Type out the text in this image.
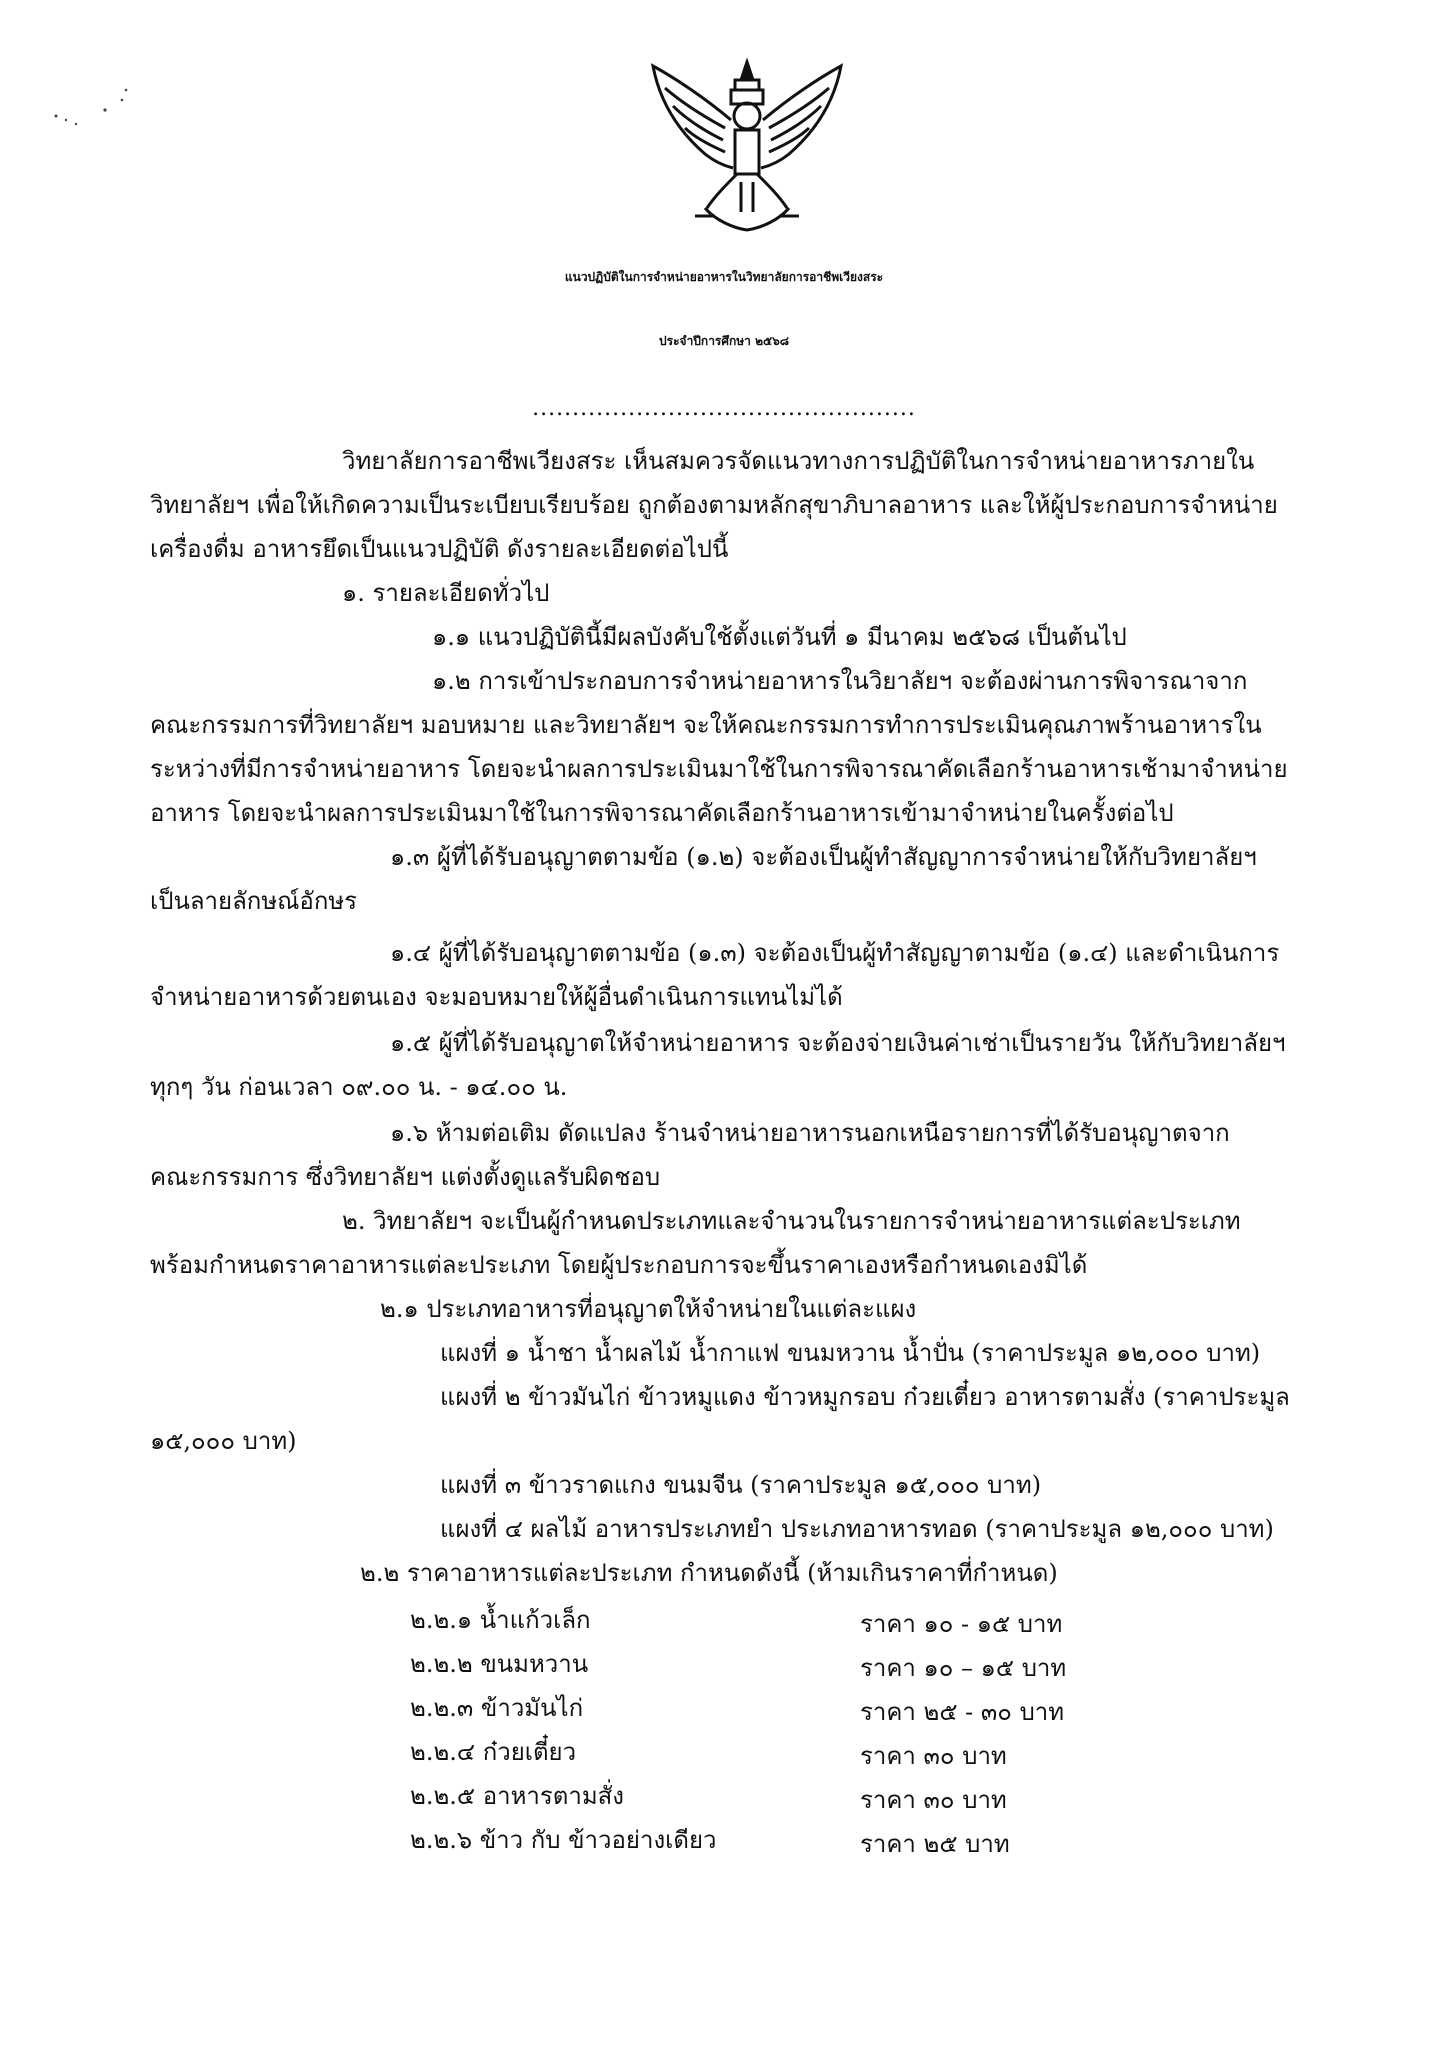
แนวปฏิบัติในการจำหน่ายอาหารในวิทยาลัยการอาชีพเวียงสระ
ประจำปีการศึกษา ๒๕๖๘
................................................
วิทยาลัยการอาชีพเวียงสระ เห็นสมควรจัดแนวทางการปฏิบัติในการจำหน่ายอาหารภายใน
วิทยาลัยฯ เพื่อให้เกิดความเป็นระเบียบเรียบร้อย ถูกต้องตามหลักสุขาภิบาลอาหาร และให้ผู้ประกอบการจำหน่าย
เครื่องดื่ม อาหารยึดเป็นแนวปฏิบัติ ดังรายละเอียดต่อไปนี้
๑. รายละเอียดทั่วไป
๑.๑ แนวปฏิบัตินี้มีผลบังคับใช้ตั้งแต่วันที่ ๑ มีนาคม ๒๕๖๘ เป็นต้นไป
๑.๒ การเข้าประกอบการจำหน่ายอาหารในวิยาลัยฯ จะต้องผ่านการพิจารณาจาก
คณะกรรมการที่วิทยาลัยฯ มอบหมาย และวิทยาลัยฯ จะให้คณะกรรมการทำการประเมินคุณภาพร้านอาหารใน
ระหว่างที่มีการจำหน่ายอาหาร โดยจะนำผลการประเมินมาใช้ในการพิจารณาคัดเลือกร้านอาหารเช้ามาจำหน่าย
อาหาร โดยจะนำผลการประเมินมาใช้ในการพิจารณาคัดเลือกร้านอาหารเข้ามาจำหน่ายในครั้งต่อไป
๑.๓ ผู้ที่ได้รับอนุญาตตามข้อ (๑.๒) จะต้องเป็นผู้ทำสัญญาการจำหน่ายให้กับวิทยาลัยฯ
เป็นลายลักษณ์อักษร
๑.๔ ผู้ที่ได้รับอนุญาตตามข้อ (๑.๓) จะต้องเป็นผู้ทำสัญญาตามข้อ (๑.๔) และดำเนินการ
จำหน่ายอาหารด้วยตนเอง จะมอบหมายให้ผู้อื่นดำเนินการแทนไม่ได้
๑.๕ ผู้ที่ได้รับอนุญาตให้จำหน่ายอาหาร จะต้องจ่ายเงินค่าเช่าเป็นรายวัน ให้กับวิทยาลัยฯ
ทุกๆ วัน ก่อนเวลา ๐๙.๐๐ น. - ๑๔.๐๐ น.
๑.๖ ห้ามต่อเติม ดัดแปลง ร้านจำหน่ายอาหารนอกเหนือรายการที่ได้รับอนุญาตจาก
คณะกรรมการ ซึ่งวิทยาลัยฯ แต่งตั้งดูแลรับผิดชอบ
๒. วิทยาลัยฯ จะเป็นผู้กำหนดประเภทและจำนวนในรายการจำหน่ายอาหารแต่ละประเภท
พร้อมกำหนดราคาอาหารแต่ละประเภท โดยผู้ประกอบการจะขึ้นราคาเองหรือกำหนดเองมิได้
๒.๑ ประเภทอาหารที่อนุญาตให้จำหน่ายในแต่ละแผง
แผงที่ ๑ น้ำชา น้ำผลไม้ น้ำกาแฟ ขนมหวาน น้ำปั่น (ราคาประมูล ๑๒,๐๐๐ บาท)
แผงที่ ๒ ข้าวมันไก่ ข้าวหมูแดง ข้าวหมูกรอบ ก๋วยเตี๋ยว อาหารตามสั่ง (ราคาประมูล
๑๕,๐๐๐ บาท)
แผงที่ ๓ ข้าวราดแกง ขนมจีน (ราคาประมูล ๑๕,๐๐๐ บาท)
แผงที่ ๔ ผลไม้ อาหารประเภทยำ ประเภทอาหารทอด (ราคาประมูล ๑๒,๐๐๐ บาท)
๒.๒ ราคาอาหารแต่ละประเภท กำหนดดังนี้ (ห้ามเกินราคาที่กำหนด)
๒.๒.๑ น้ำแก้วเล็ก	ราคา ๑๐ - ๑๕ บาท
๒.๒.๒ ขนมหวาน	ราคา ๑๐ – ๑๕ บาท
๒.๒.๓ ข้าวมันไก่	ราคา ๒๕ - ๓๐ บาท
๒.๒.๔ ก๋วยเตี๋ยว	ราคา ๓๐ บาท
๒.๒.๕ อาหารตามสั่ง	ราคา ๓๐ บาท
๒.๒.๖ ข้าว กับ ข้าวอย่างเดียว	ราคา ๒๕ บาท
